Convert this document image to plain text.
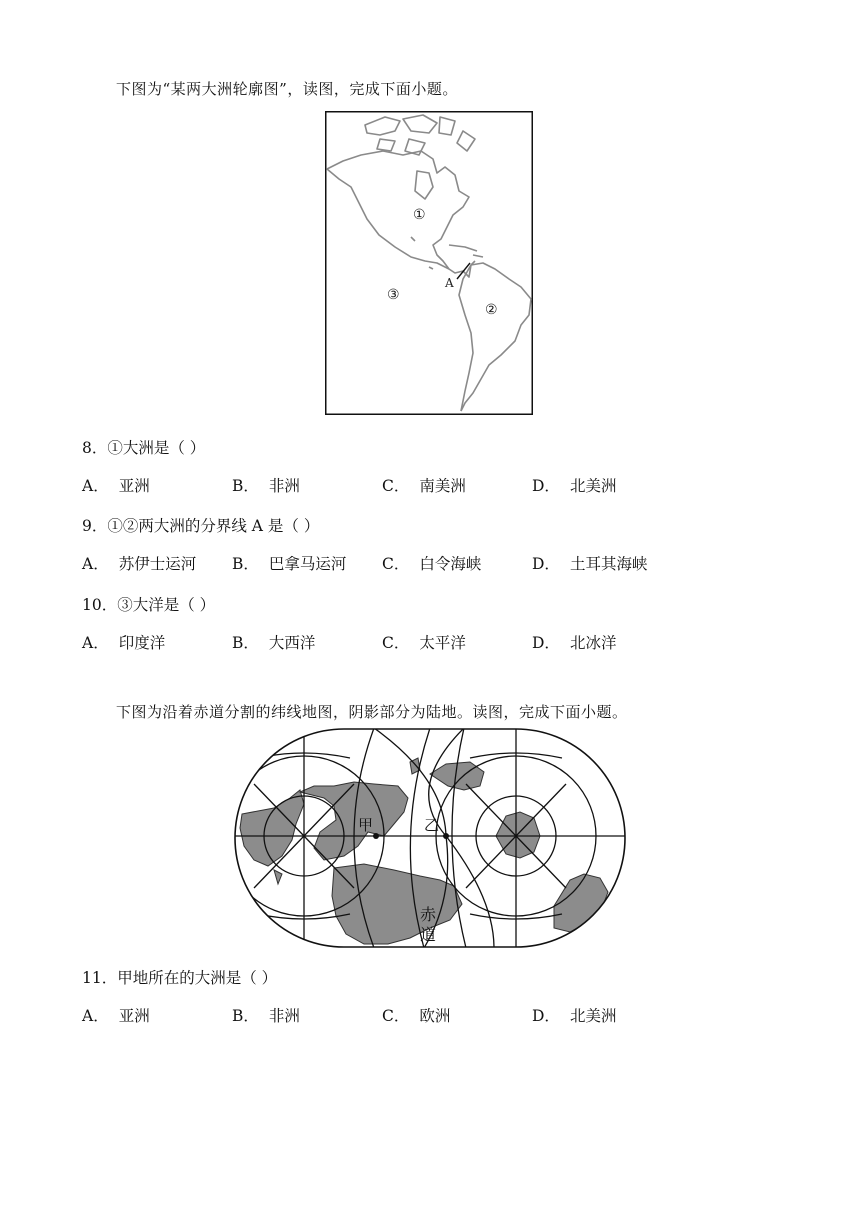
下图为“某两大洲轮廓图”，读图，完成下面小题。
①
②
③
A
8．①大洲是（ ）
A． 亚洲	B． 非洲	C． 南美洲	D． 北美洲
9．①②两大洲的分界线 A 是（ ）
A． 苏伊士运河 B． 巴拿马运河 C． 白令海峡	D． 土耳其海峡
10．③大洋是（ ）
A． 印度洋	B． 大西洋	C． 太平洋	D． 北冰洋
下图为沿着赤道分割的纬线地图，阴影部分为陆地。读图，完成下面小题。
甲	乙
赤
道
11．甲地所在的大洲是（ ）
A． 亚洲	B． 非洲	C． 欧洲	D． 北美洲
